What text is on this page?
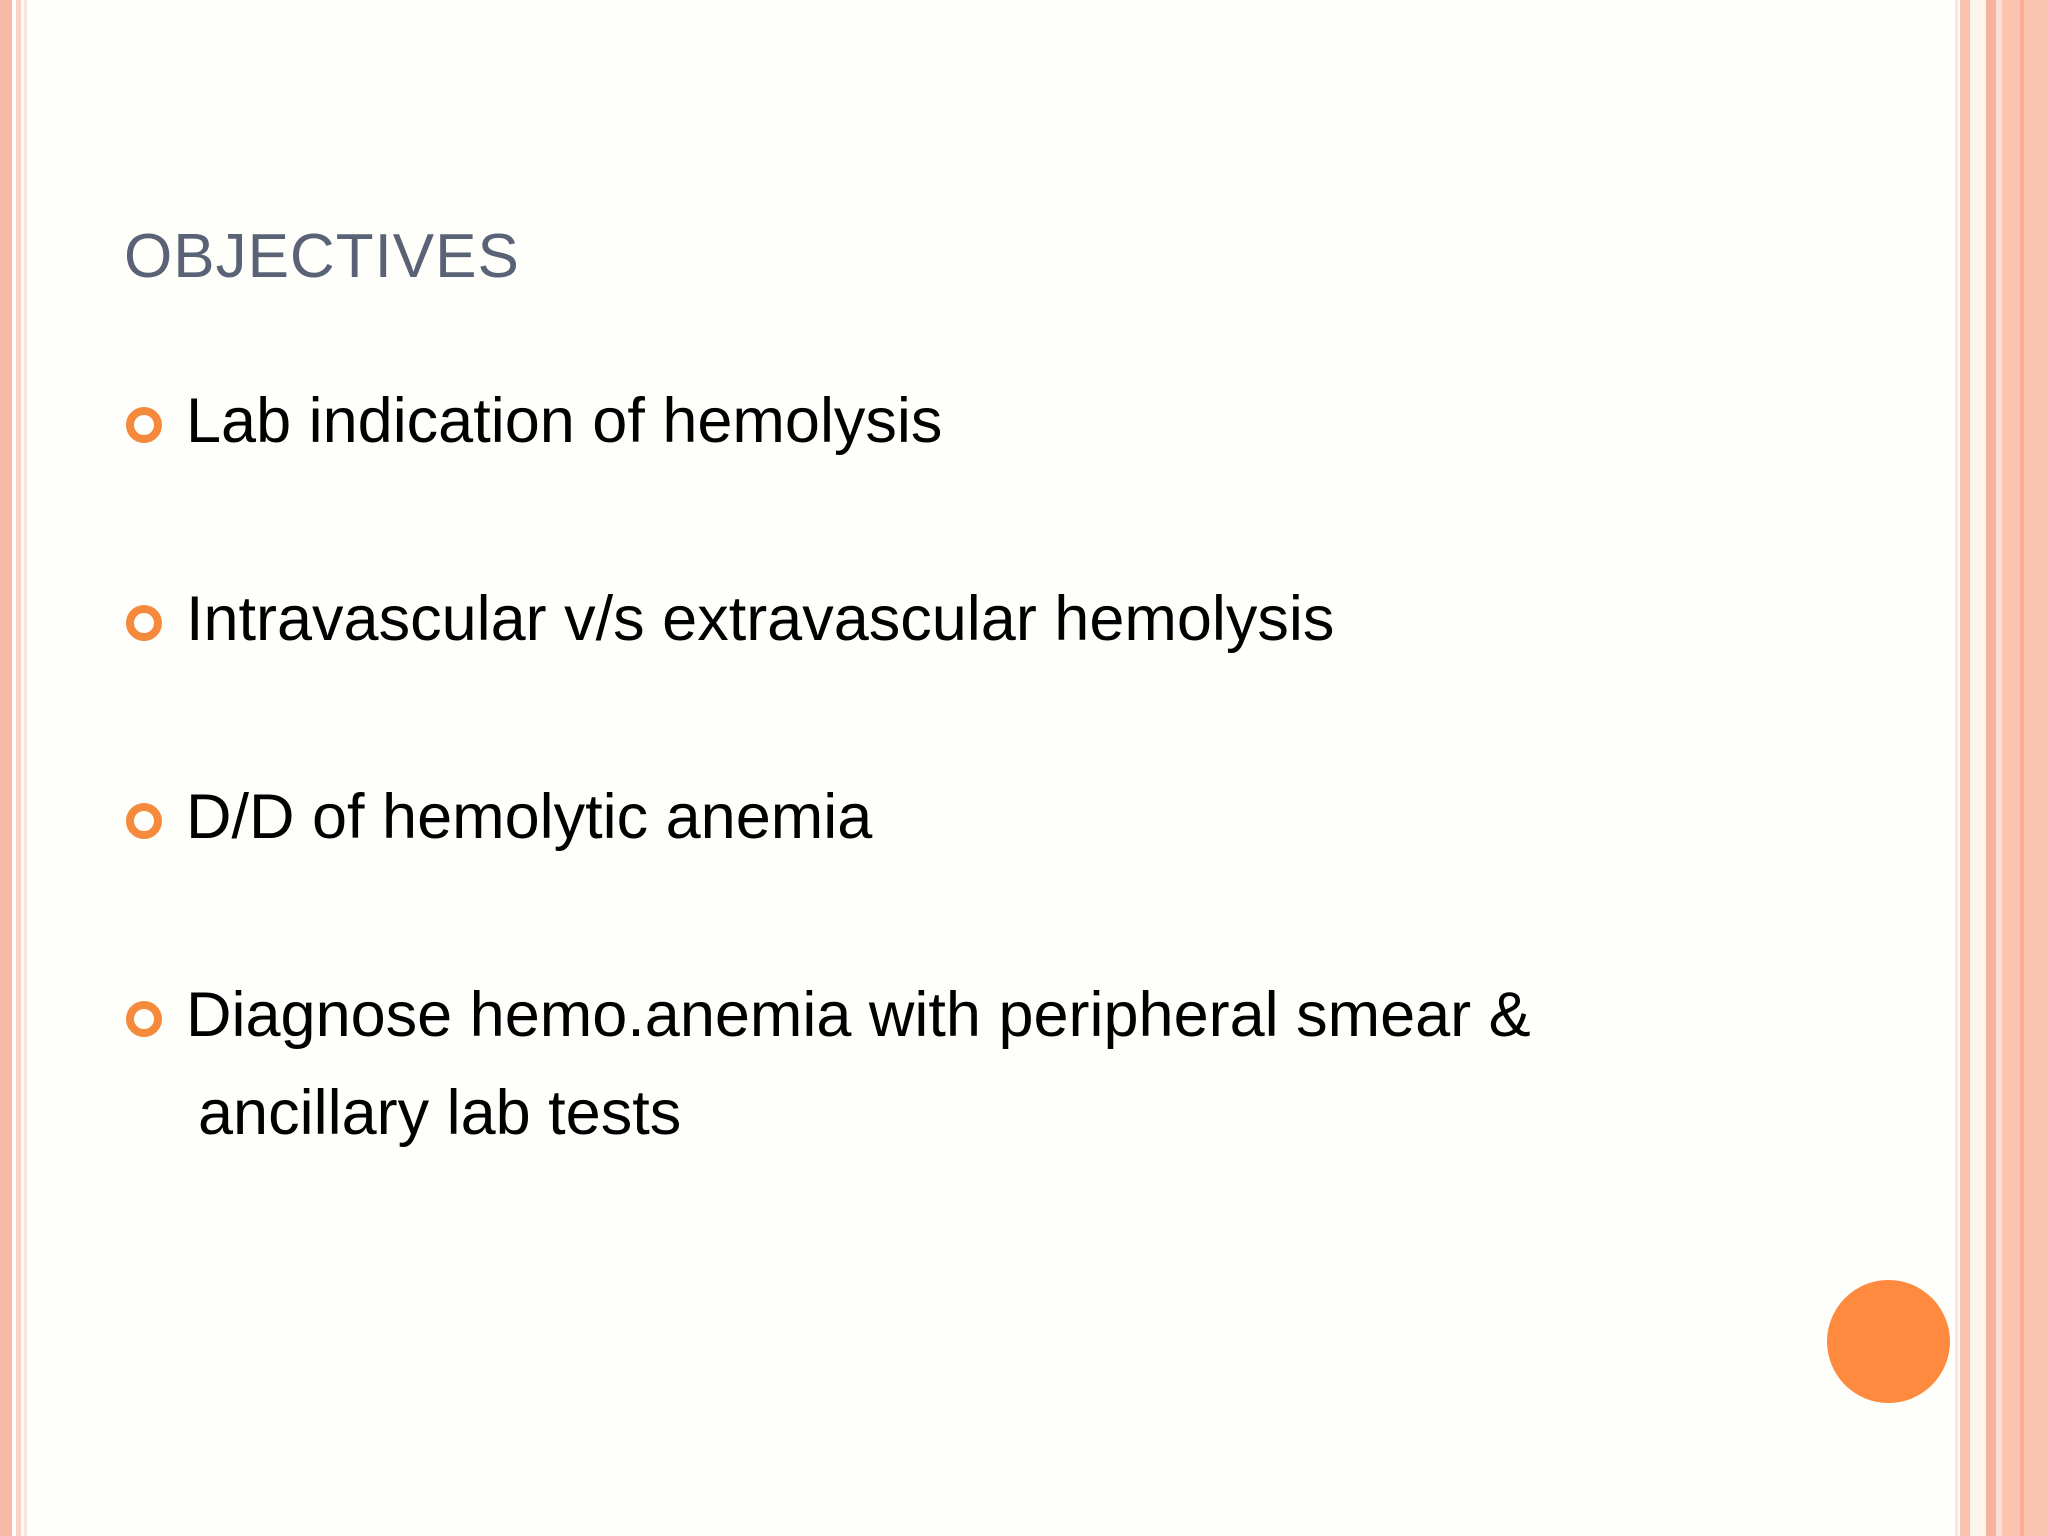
OBJECTIVES
Lab indication of hemolysis
Intravascular v/s extravascular hemolysis
D/D of hemolytic anemia
Diagnose hemo.anemia with peripheral smear &
ancillary lab tests
